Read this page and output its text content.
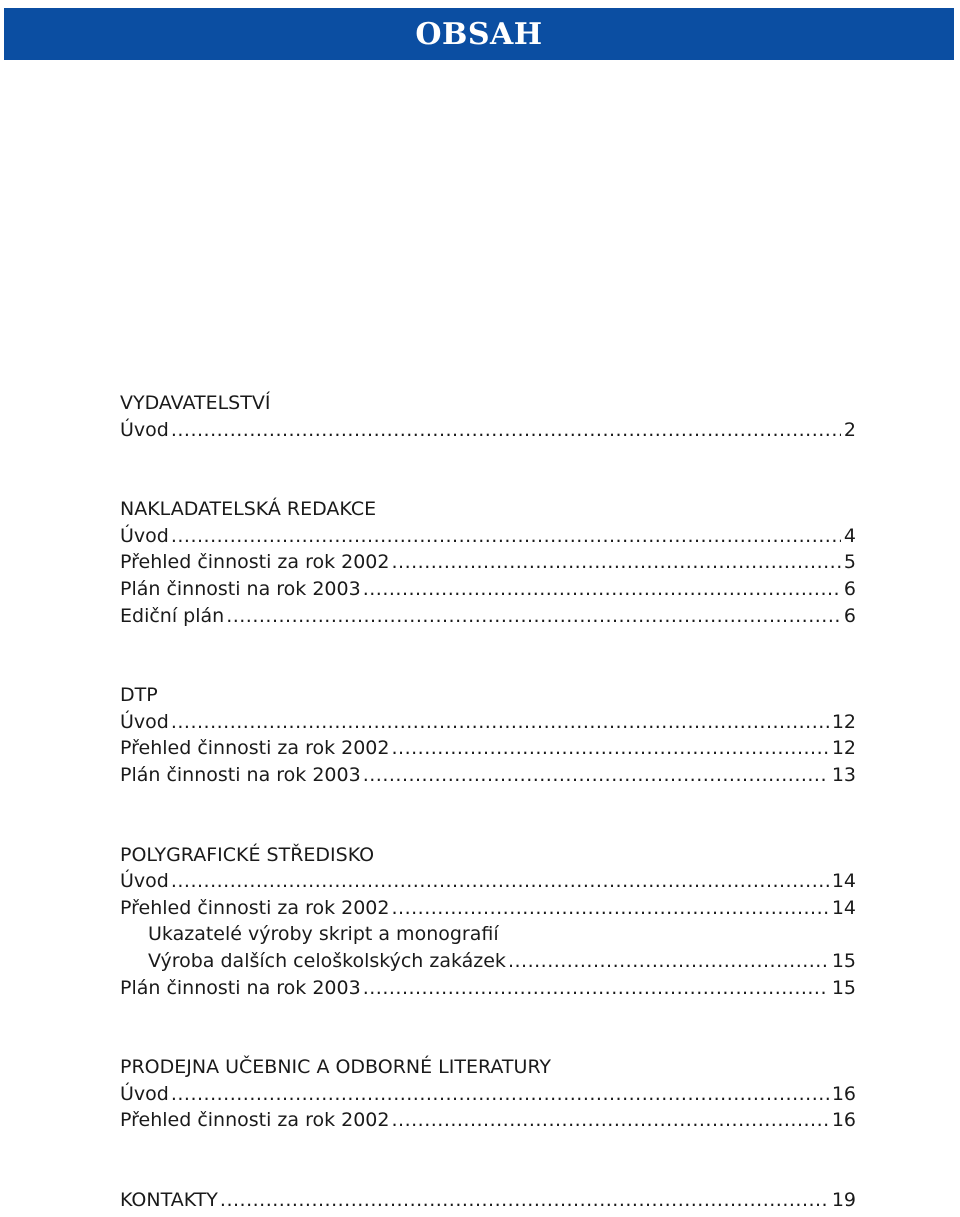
OBSAH
VYDAVATELSTVÍ
Úvod .....	2
NAKLADATELSKÁ REDAKCE
Úvod .....	4
Přehled činnosti za rok 2002 .....	5
Plán činnosti na rok 2003 .....	6
Ediční plán .....	6
DTP
Úvod .....	12
Přehled činnosti za rok 2002 .....	12
Plán činnosti na rok 2003 .....	13
POLYGRAFICKÉ STŘEDISKO
Úvod .....	14
Přehled činnosti za rok 2002 .....	14
Ukazatelé výroby skript a monografií
Výroba dalších celoškolských zakázek .....	15
Plán činnosti na rok 2003 .....	15
PRODEJNA UČEBNIC A ODBORNÉ LITERATURY
Úvod .....	16
Přehled činnosti za rok 2002 .....	16
KONTAKTY .....	19
